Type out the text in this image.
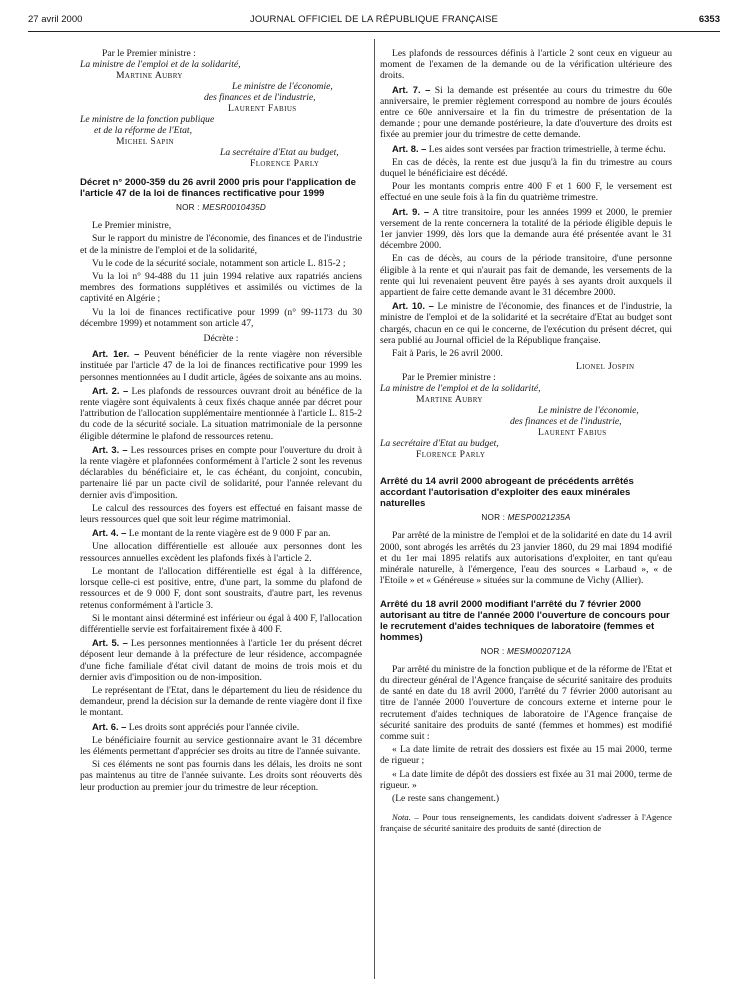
27 avril 2000	JOURNAL OFFICIEL DE LA RÉPUBLIQUE FRANÇAISE	6353

Par le Premier ministre :

La ministre de l'emploi et de la solidarité,

Martine Aubry

Le ministre de l'économie,

des finances et de l'industrie,

Laurent Fabius

Le ministre de la fonction publique

et de la réforme de l'Etat,

Michel Sapin

La secrétaire d'Etat au budget,

Florence Parly

Décret n° 2000-359 du 26 avril 2000 pris pour l'application de l'article 47 de la loi de finances rectificative pour 1999

NOR : MESR0010435D

Le Premier ministre,

Sur le rapport du ministre de l'économie, des finances et de l'industrie et de la ministre de l'emploi et de la solidarité,

Vu le code de la sécurité sociale, notamment son article L. 815-2 ;

Vu la loi n° 94-488 du 11 juin 1994 relative aux rapatriés anciens membres des formations supplétives et assimilés ou victimes de la captivité en Algérie ;

Vu la loi de finances rectificative pour 1999 (n° 99-1173 du 30 décembre 1999) et notamment son article 47,

Décrète :

Art. 1er. – Peuvent bénéficier de la rente viagère non réversible instituée par l'article 47 de la loi de finances rectificative pour 1999 les personnes mentionnées au I dudit article, âgées de soixante ans au moins.

Art. 2. – Les plafonds de ressources ouvrant droit au bénéfice de la rente viagère sont équivalents à ceux fixés chaque année par décret pour l'attribution de l'allocation supplémentaire mentionnée à l'article L. 815-2 du code de la sécurité sociale. La situation matrimoniale de la personne éligible détermine le plafond de ressources retenu.

Art. 3. – Les ressources prises en compte pour l'ouverture du droit à la rente viagère et plafonnées conformément à l'article 2 sont les revenus déclarables du bénéficiaire et, le cas échéant, du conjoint, concubin, partenaire lié par un pacte civil de solidarité, pour l'année relevant du dernier avis d'imposition.

Le calcul des ressources des foyers est effectué en faisant masse de leurs ressources quel que soit leur régime matrimonial.

Art. 4. – Le montant de la rente viagère est de 9 000 F par an.

Une allocation différentielle est allouée aux personnes dont les ressources annuelles excèdent les plafonds fixés à l'article 2.

Le montant de l'allocation différentielle est égal à la différence, lorsque celle-ci est positive, entre, d'une part, la somme du plafond de ressources et de 9 000 F, dont sont soustraits, d'autre part, les revenus retenus conformément à l'article 3.

Si le montant ainsi déterminé est inférieur ou égal à 400 F, l'allocation différentielle servie est forfaitairement fixée à 400 F.

Art. 5. – Les personnes mentionnées à l'article 1er du présent décret déposent leur demande à la préfecture de leur résidence, accompagnée d'une fiche familiale d'état civil datant de moins de trois mois et du dernier avis d'imposition ou de non-imposition.

Le représentant de l'Etat, dans le département du lieu de résidence du demandeur, prend la décision sur la demande de rente viagère dont il fixe le montant.

Art. 6. – Les droits sont appréciés pour l'année civile.

Le bénéficiaire fournit au service gestionnaire avant le 31 décembre les éléments permettant d'apprécier ses droits au titre de l'année suivante.

Si ces éléments ne sont pas fournis dans les délais, les droits ne sont pas maintenus au titre de l'année suivante. Les droits sont réouverts dès leur production au premier jour du trimestre de leur réception.

Les plafonds de ressources définis à l'article 2 sont ceux en vigueur au moment de l'examen de la demande ou de la vérification ultérieure des droits.

Art. 7. – Si la demande est présentée au cours du trimestre du 60e anniversaire, le premier règlement correspond au nombre de jours écoulés entre ce 60e anniversaire et la fin du trimestre de présentation de la demande ; pour une demande postérieure, la date d'ouverture des droits est fixée au premier jour du trimestre de cette demande.

Art. 8. – Les aides sont versées par fraction trimestrielle, à terme échu.

En cas de décès, la rente est due jusqu'à la fin du trimestre au cours duquel le bénéficiaire est décédé.

Pour les montants compris entre 400 F et 1 600 F, le versement est effectué en une seule fois à la fin du quatrième trimestre.

Art. 9. – A titre transitoire, pour les années 1999 et 2000, le premier versement de la rente concernera la totalité de la période éligible depuis le 1er janvier 1999, dès lors que la demande aura été présentée avant le 31 décembre 2000.

En cas de décès, au cours de la période transitoire, d'une personne éligible à la rente et qui n'aurait pas fait de demande, les versements de la rente qui lui revenaient peuvent être payés à ses ayants droit auxquels il appartient de faire cette demande avant le 31 décembre 2000.

Art. 10. – Le ministre de l'économie, des finances et de l'industrie, la ministre de l'emploi et de la solidarité et la secrétaire d'Etat au budget sont chargés, chacun en ce qui le concerne, de l'exécution du présent décret, qui sera publié au Journal officiel de la République française.

Fait à Paris, le 26 avril 2000.

Lionel Jospin

Par le Premier ministre :

La ministre de l'emploi et de la solidarité,

Martine Aubry

Le ministre de l'économie,

des finances et de l'industrie,

Laurent Fabius

La secrétaire d'Etat au budget,

Florence Parly

Arrêté du 14 avril 2000 abrogeant de précédents arrêtés accordant l'autorisation d'exploiter des eaux minérales naturelles

NOR : MESP0021235A

Par arrêté de la ministre de l'emploi et de la solidarité en date du 14 avril 2000, sont abrogés les arrêtés du 23 janvier 1860, du 29 mai 1894 modifié et du 1er mai 1895 relatifs aux autorisations d'exploiter, en tant qu'eau minérale naturelle, à l'émergence, l'eau des sources « Larbaud », « de l'Etoile » et « Généreuse » situées sur la commune de Vichy (Allier).

Arrêté du 18 avril 2000 modifiant l'arrêté du 7 février 2000 autorisant au titre de l'année 2000 l'ouverture de concours pour le recrutement d'aides techniques de laboratoire (femmes et hommes)

NOR : MESM0020712A

Par arrêté du ministre de la fonction publique et de la réforme de l'Etat et du directeur général de l'Agence française de sécurité sanitaire des produits de santé en date du 18 avril 2000, l'arrêté du 7 février 2000 autorisant au titre de l'année 2000 l'ouverture de concours externe et interne pour le recrutement d'aides techniques de laboratoire de l'Agence française de sécurité sanitaire des produits de santé (femmes et hommes) est modifié comme suit :

« La date limite de retrait des dossiers est fixée au 15 mai 2000, terme de rigueur ;

« La date limite de dépôt des dossiers est fixée au 31 mai 2000, terme de rigueur. »

(Le reste sans changement.)

Nota. – Pour tous renseignements, les candidats doivent s'adresser à l'Agence française de sécurité sanitaire des produits de santé (direction de
